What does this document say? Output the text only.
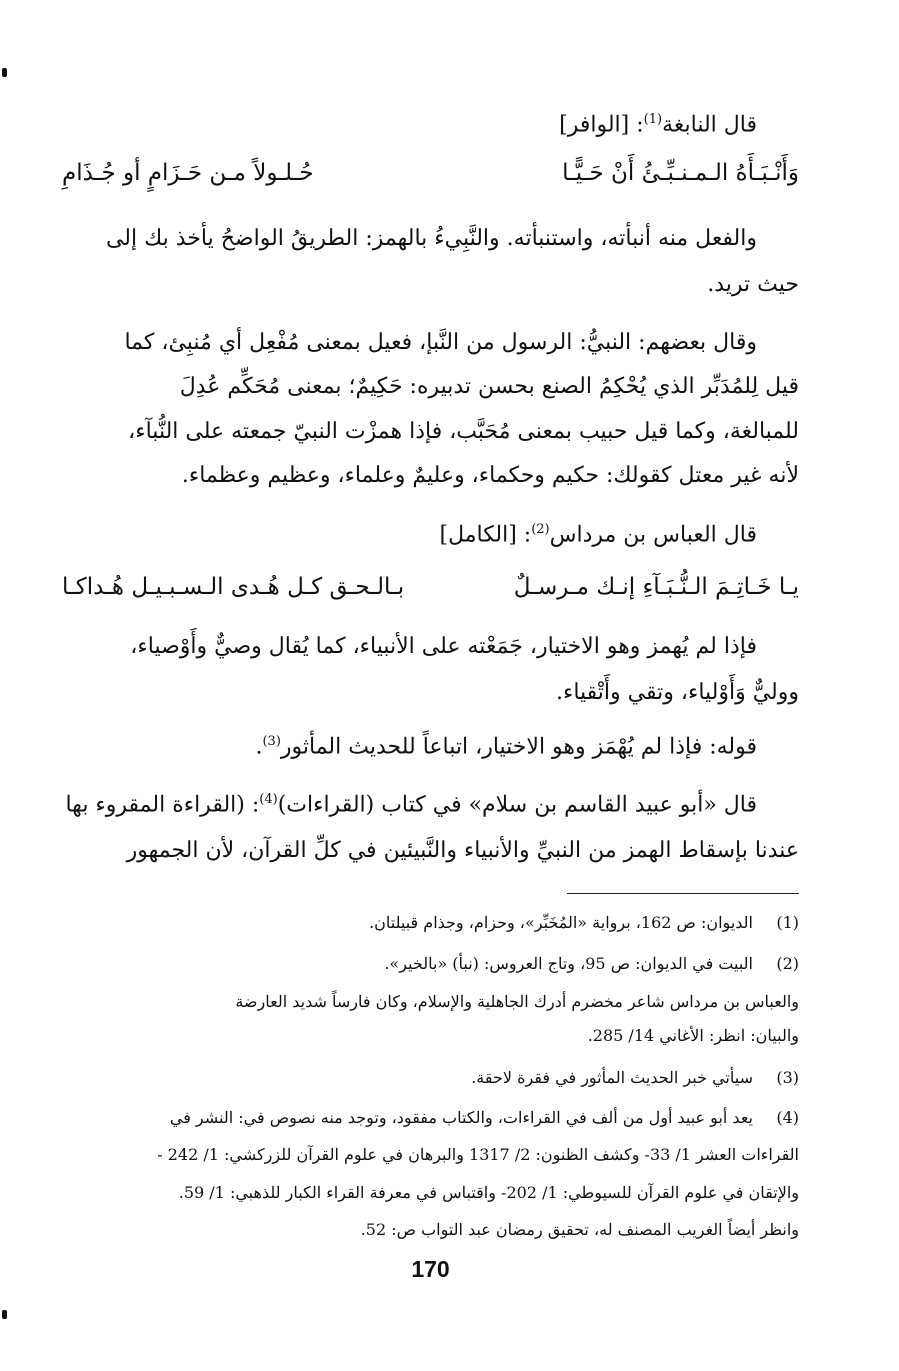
قال النابغة$^{(1)}$: [الوافر]
وَأَنْـبَـأَهُ الـمـنـبِّـئُ أَنْ حَـيًّـا
حُـلـولاً مـن حَـزَامٍ أو جُـذَامِ
والفعل منه أنبأته، واستنبأته. والنَّبِيءُ بالهمز: الطريقُ الواضحُ يأخذ بك إلى
حيث تريد.
وقال بعضهم: النبيُّ: الرسول من النَّبإ، فعيل بمعنى مُفْعِل أي مُنبِئ، كما
قيل لِلمُدَبِّر الذي يُحْكِمُ الصنع بحسن تدبيره: حَكِيمٌ؛ بمعنى مُحَكِّم عُدِلَ
للمبالغة، وكما قيل حبيب بمعنى مُحَبَّب، فإذا همزْت النبيّ جمعته على النُّبآء،
لأنه غير معتل كقولك: حكيم وحكماء، وعليمٌ وعلماء، وعظيم وعظماء.
قال العباس بن مرداس$^{(2)}$: [الكامل]
يـا خَـاتِـمَ الـنُّـبَـآءِ إنـك مـرسـلٌ
بـالـحـق كـل هُـدى الـسـبـيـل هُـداكـا
فإذا لم يُهمز وهو الاختيار، جَمَعْته على الأنبياء، كما يُقال وصيٌّ وأَوْصياء،
ووليٌّ وَأَوْلياء، وتقي وأَتْقياء.
قوله: فإذا لم يُهْمَز وهو الاختيار، اتباعاً للحديث المأثور$^{(3)}$.
قال «أبو عبيد القاسم بن سلام» في كتاب (القراءات)$^{(4)}$: (القراءة المقروء بها
عندنا بإسقاط الهمز من النبيِّ والأنبياء والنَّبيئين في كلِّ القرآن، لأن الجمهور
(1)
الديوان: ص 162، برواية «المُخَبِّر»، وحزام، وجذام قبيلتان.
(2)
البيت في الديوان: ص 95، وتاج العروس: (نبأ) «بالخير».
والعباس بن مرداس شاعر مخضرم أدرك الجاهلية والإسلام، وكان فارساً شديد العارضة
والبيان: انظر: الأغاني 14/ 285.
(3)
سيأتي خبر الحديث المأثور في فقرة لاحقة.
(4)
يعد أبو عبيد أول من ألف في القراءات، والكتاب مفقود، وتوجد منه نصوص في: النشر في
القراءات العشر 1/ 33- وكشف الظنون: 2/ 1317 والبرهان في علوم القرآن للزركشي: 1/ 242 -
والإتقان في علوم القرآن للسيوطي: 1/ 202- واقتباس في معرفة القراء الكبار للذهبي: 1/ 59.
وانظر أيضاً الغريب المصنف له، تحقيق رمضان عبد التواب ص: 52.
170
